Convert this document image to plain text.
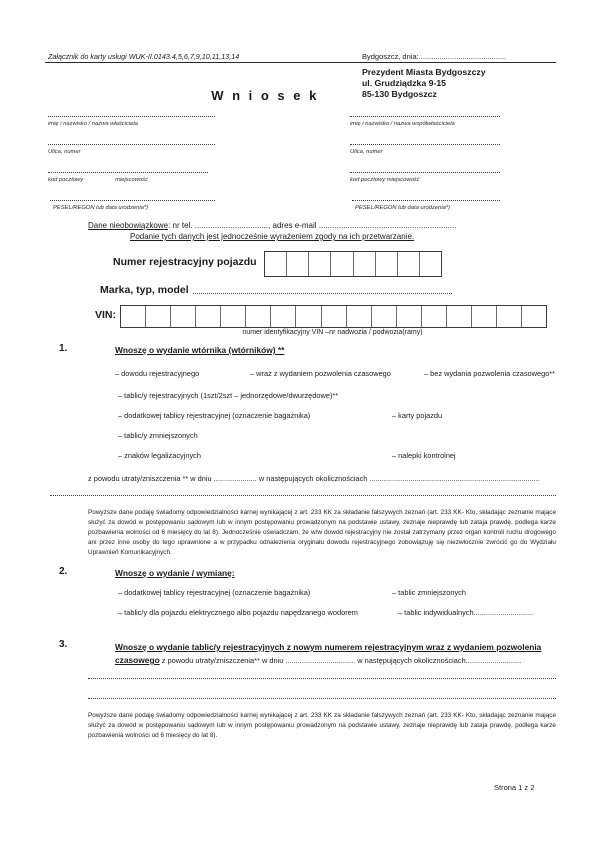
Załącznik do karty usługi WUK-II.0143.4,5,6,7,9,10,11,13,14	Bydgoszcz, dnia:..........................................
Prezydent Miasta Bydgoszczy
ul. Grudziądzka 9-15
85-130 Bydgoszcz
W n i o s e k
imię i nazwisko / nazwa właściciela
Ulica, numer
kod pocztowy	miejscowość
PESEL/REGON lub data urodzenia*)
imię i nazwisko / nazwa współwłaściciela
Ulica, numer
kod pocztowy miejscowość
PESEL/REGON lub data urodzenia*)
Dane nieobowiązkowe: nr tel. ................................., adres e-mail ..............................................................
Podanie tych danych jest jednocześnie wyrażeniem zgody na ich przetwarzanie.
Numer rejestracyjny pojazdu
Marka, typ, model
VIN:
numer identyfikacyjny VIN –nr nadwozia / podwozia(ramy)
1.	Wnoszę o wydanie wtórnika (wtórników) **
– dowodu rejestracyjnego	– wraz z wydaniem pozwolenia czasowego	– bez wydania pozwolenia czasowego**
– tablic/y rejestracyjnych (1szt/2szt – jednorzędowe/dwurzędowe)**
– dodatkowej tablicy rejestracyjnej (oznaczenie bagażnika)	– karty pojazdu
– tablic/y zmniejszonych
– znaków legalizacyjnych	– nalepki kontrolnej
z powodu utraty/zniszczenia ** w dniu ..................... w następujących okolicznościach ...................................................................................
Powyższe dane podaję świadomy odpowiedzialności karnej wynikającej z art. 233 KK za składanie fałszywych zeznań (art. 233 KK- Kto, składając zeznanie mające służyć za dowód w postępowaniu sądowym lub w innym postępowaniu prowadzonym na podstawie ustawy, zeznaje nieprawdę lub zataja prawdę, podlega karze pozbawienia wolności od 6 miesięcy do lat 8). Jednocześnie oświadczam, że w/w dowód rejestracyjny nie został zatrzymany przez organ kontroli ruchu drogowego ani przez inne osoby do tego uprawnione a w przypadku odnalezienia oryginału dowodu rejestracyjnego zobowiązuję się niezwłocznie zwrócić go do Wydziału Uprawnień Komunikacyjnych.
2.	Wnoszę o wydanie / wymianę:
– dodatkowej tablicy rejestracyjnej (oznaczenie bagażnika)	– tablic zmniejszonych
– tablic/y dla pojazdu elektrycznego albo pojazdu napędzanego wodorem	– tablic indywidualnych.............................
3.	Wnoszę o wydanie tablic/y rejestracyjnych z nowym numerem rejestracyjnym wraz z wydaniem pozwolenia
czasowego z powodu utraty/zniszczenia** w dniu .................................. w następujących okolicznościach...........................
Powyższe dane podaję świadomy odpowiedzialności karnej wynikającej z art. 233 KK za składanie fałszywych zeznań (art. 233 KK- Kto, składając zeznanie mające służyć za dowód w postępowaniu sądowym lub w innym postępowaniu prowadzonym na podstawie ustawy, zeznaje nieprawdę lub zataja prawdę, podlega karze pozbawienia wolności od 6 miesięcy do lat 8).
Strona 1 z 2
